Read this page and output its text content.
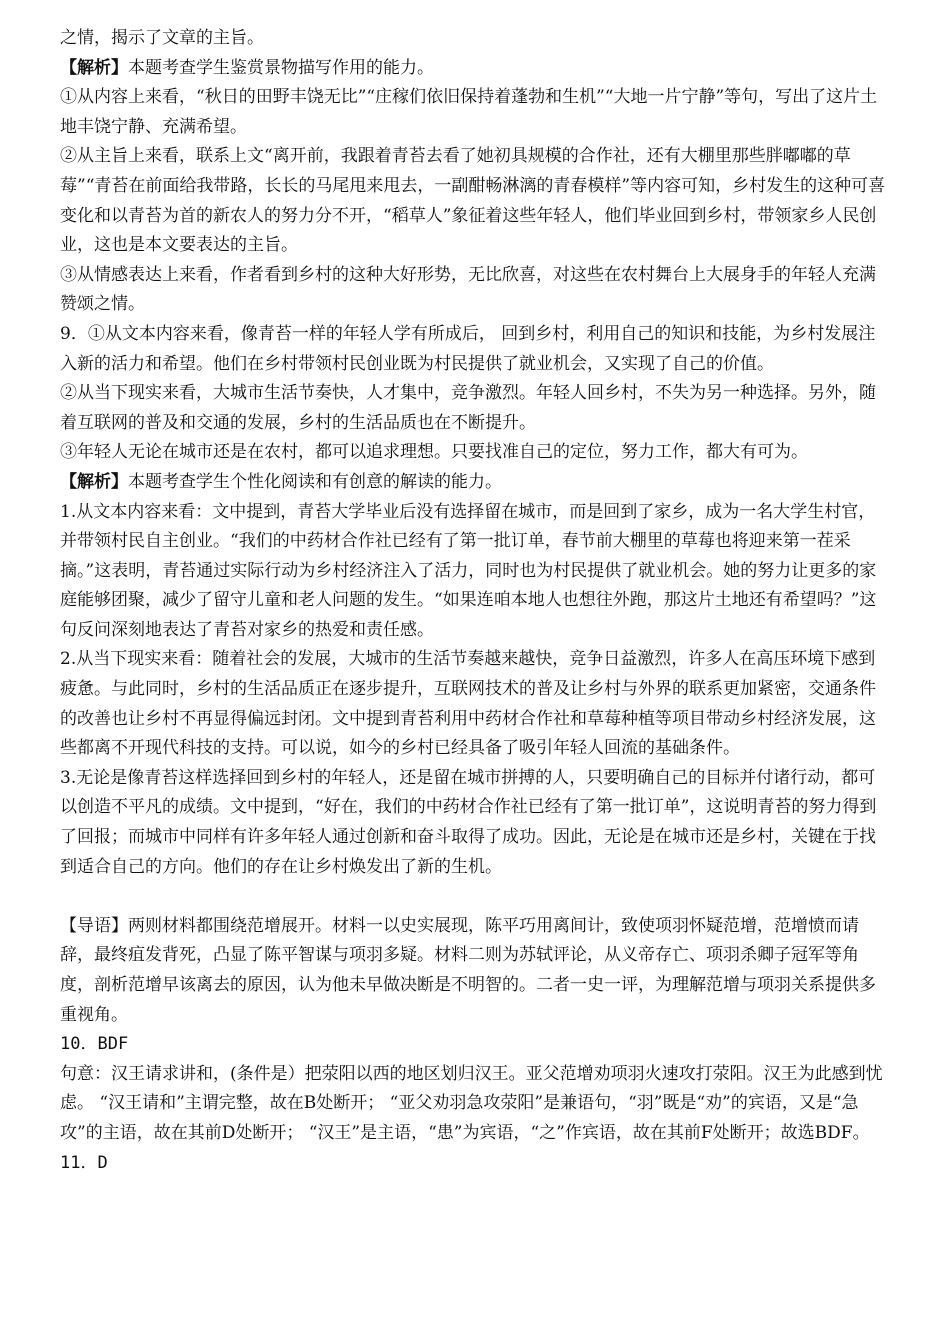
之情，揭示了文章的主旨。

【解析】本题考查学生鉴赏景物描写作用的能力。

①从内容上来看，“秋日的田野丰饶无比”“庄稼们依旧保持着蓬勃和生机”“大地一片宁静”等句，写出了这片土地丰饶宁静、充满希望。

②从主旨上来看，联系上文“离开前，我跟着青苔去看了她初具规模的合作社，还有大棚里那些胖嘟嘟的草莓”“青苔在前面给我带路，长长的马尾甩来甩去，一副酣畅淋漓的青春模样”等内容可知，乡村发生的这种可喜变化和以青苔为首的新农人的努力分不开，“稻草人”象征着这些年轻人，他们毕业回到乡村，带领家乡人民创业，这也是本文要表达的主旨。

③从情感表达上来看，作者看到乡村的这种大好形势，无比欣喜，对这些在农村舞台上大展身手的年轻人充满赞颂之情。

9．①从文本内容来看，像青苔一样的年轻人学有所成后， 回到乡村，利用自己的知识和技能，为乡村发展注入新的活力和希望。他们在乡村带领村民创业既为村民提供了就业机会，又实现了自己的价值。

②从当下现实来看，大城市生活节奏快，人才集中，竞争激烈。年轻人回乡村，不失为另一种选择。另外，随着互联网的普及和交通的发展，乡村的生活品质也在不断提升。

③年轻人无论在城市还是在农村，都可以追求理想。只要找准自己的定位，努力工作，都大有可为。

【解析】本题考查学生个性化阅读和有创意的解读的能力。

1.从文本内容来看：文中提到，青苔大学毕业后没有选择留在城市，而是回到了家乡，成为一名大学生村官，并带领村民自主创业。“我们的中药材合作社已经有了第一批订单，春节前大棚里的草莓也将迎来第一茬采摘。”这表明，青苔通过实际行动为乡村经济注入了活力，同时也为村民提供了就业机会。她的努力让更多的家庭能够团聚，减少了留守儿童和老人问题的发生。“如果连咱本地人也想往外跑，那这片土地还有希望吗？”这句反问深刻地表达了青苔对家乡的热爱和责任感。

2.从当下现实来看：随着社会的发展，大城市的生活节奏越来越快，竞争日益激烈，许多人在高压环境下感到疲惫。与此同时，乡村的生活品质正在逐步提升，互联网技术的普及让乡村与外界的联系更加紧密，交通条件的改善也让乡村不再显得偏远封闭。文中提到青苔利用中药材合作社和草莓种植等项目带动乡村经济发展，这些都离不开现代科技的支持。可以说，如今的乡村已经具备了吸引年轻人回流的基础条件。

3.无论是像青苔这样选择回到乡村的年轻人，还是留在城市拼搏的人，只要明确自己的目标并付诸行动，都可以创造不平凡的成绩。文中提到，“好在，我们的中药材合作社已经有了第一批订单”，这说明青苔的努力得到了回报；而城市中同样有许多年轻人通过创新和奋斗取得了成功。因此，无论是在城市还是乡村，关键在于找到适合自己的方向。他们的存在让乡村焕发出了新的生机。

【导语】两则材料都围绕范增展开。材料一以史实展现，陈平巧用离间计，致使项羽怀疑范增，范增愤而请辞，最终疽发背死，凸显了陈平智谋与项羽多疑。材料二则为苏轼评论，从义帝存亡、项羽杀卿子冠军等角度，剖析范增早该离去的原因，认为他未早做决断是不明智的。二者一史一评，为理解范增与项羽关系提供多重视角。

10．BDF

句意：汉王请求讲和，(条件是）把荥阳以西的地区划归汉王。亚父范增劝项羽火速攻打荥阳。汉王为此感到忧虑。 “汉王请和”主谓完整，故在B处断开； “亚父劝羽急攻荥阳”是兼语句，“羽”既是“劝”的宾语，又是“急攻”的主语，故在其前D处断开； “汉王”是主语，“患”为宾语，“之”作宾语，故在其前F处断开；故选BDF。

11．D
